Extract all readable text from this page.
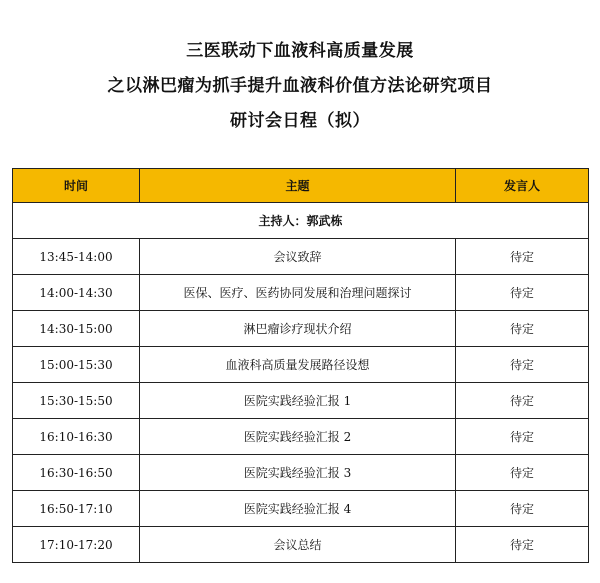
三医联动下血液科高质量发展
之以淋巴瘤为抓手提升血液科价值方法论研究项目
研讨会日程（拟）
时间	主题	发言人
主持人：郭武栋		
13:45-14:00	会议致辞	待定
14:00-14:30	医保、医疗、医药协同发展和治理问题探讨	待定
14:30-15:00	淋巴瘤诊疗现状介绍	待定
15:00-15:30	血液科高质量发展路径设想	待定
15:30-15:50	医院实践经验汇报 1	待定
16:10-16:30	医院实践经验汇报 2	待定
16:30-16:50	医院实践经验汇报 3	待定
16:50-17:10	医院实践经验汇报 4	待定
17:10-17:20	会议总结	待定
